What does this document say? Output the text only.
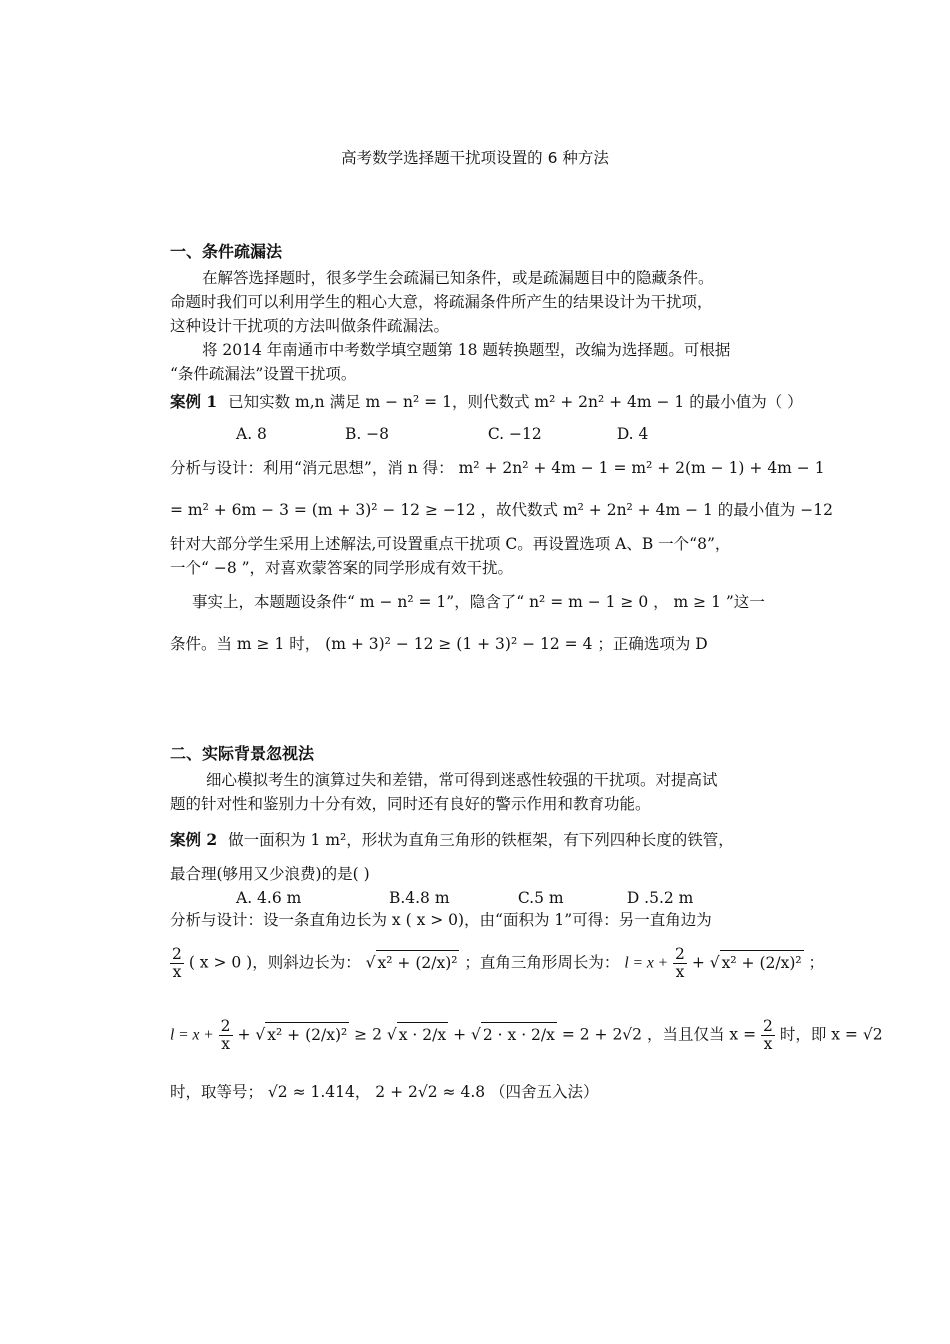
高考数学选择题干扰项设置的 6 种方法
一、条件疏漏法
在解答选择题时，很多学生会疏漏已知条件，或是疏漏题目中的隐藏条件。
命题时我们可以利用学生的粗心大意，将疏漏条件所产生的结果设计为干扰项，
这种设计干扰项的方法叫做条件疏漏法。
将 2014 年南通市中考数学填空题第 18 题转换题型，改编为选择题。可根据
“条件疏漏法”设置干扰项。
案例 1 已知实数 m,n 满足 m − n² = 1，则代数式 m² + 2n² + 4m − 1 的最小值为（ ）
A. 8	B. −8	C. −12	D. 4
分析与设计：利用“消元思想”，消 n 得： m² + 2n² + 4m − 1 = m² + 2(m − 1) + 4m − 1
= m² + 6m − 3 = (m + 3)² − 12 ≥ −12 ，故代数式 m² + 2n² + 4m − 1 的最小值为 −12
针对大部分学生采用上述解法,可设置重点干扰项 C。再设置选项 A、B 一个“8”，
一个“ −8 ”，对喜欢蒙答案的同学形成有效干扰。
事实上，本题题设条件“ m − n² = 1”，隐含了“ n² = m − 1 ≥ 0 ， m ≥ 1 ”这一
条件。当 m ≥ 1 时， (m + 3)² − 12 ≥ (1 + 3)² − 12 = 4 ；正确选项为 D
二、实际背景忽视法
细心模拟考生的演算过失和差错，常可得到迷惑性较强的干扰项。对提高试
题的针对性和鉴别力十分有效，同时还有良好的警示作用和教育功能。
案例 2 做一面积为 1 m²，形状为直角三角形的铁框架，有下列四种长度的铁管，
最合理(够用又少浪费)的是( )
A. 4.6 m	B.4.8 m	C.5 m	D .5.2 m
分析与设计：设一条直角边长为 x ( x > 0)，由“面积为 1”可得：另一直角边为
$\frac{2}{x}$ ( x > 0 )，则斜边长为： √ x² + (2/x)² ；直角三角形周长为： $l = x + \frac{2}{x}$ + √ x² + (2/x)² ；
$l = x + \frac{2}{x}$ + √ x² + (2/x)² ≥ 2 √ x · 2/x + √ 2 · x · 2/x = 2 + 2√2 ，当且仅当 $x = \frac{2}{x}$ 时，即 x = √2
时，取等号； √2 ≈ 1.414， 2 + 2√2 ≈ 4.8 （四舍五入法）
